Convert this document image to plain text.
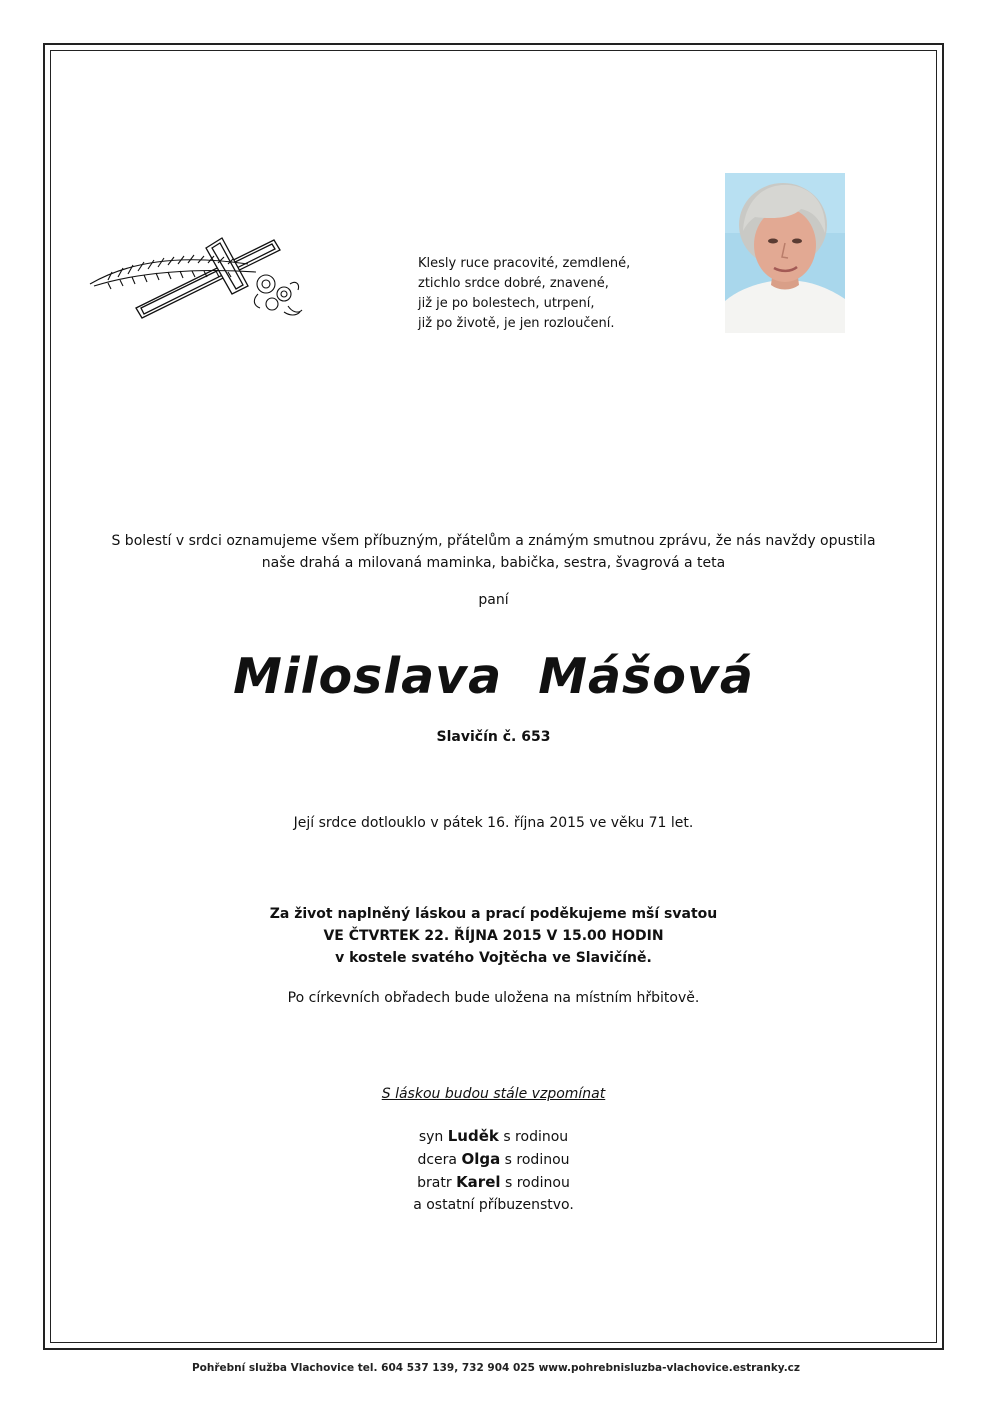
Klesly ruce pracovité, zemdlené,
ztichlo srdce dobré, znavené,
již je po bolestech, utrpení,
již po životě, je jen rozloučení.
S bolestí v srdci oznamujeme všem příbuzným, přátelům a známým smutnou zprávu, že nás navždy opustila
naše drahá a milovaná maminka, babička, sestra, švagrová a teta
paní
Miloslava Mášová
Slavičín č. 653
Její srdce dotlouklo v pátek 16. října 2015 ve věku 71 let.
Za život naplněný láskou a prací poděkujeme mší svatou
VE ČTVRTEK 22. ŘÍJNA 2015 V 15.00 HODIN
v kostele svatého Vojtěcha ve Slavičíně.
Po církevních obřadech bude uložena na místním hřbitově.
S láskou budou stále vzpomínat
syn Luděk s rodinou
dcera Olga s rodinou
bratr Karel s rodinou
a ostatní příbuzenstvo.
Pohřební služba Vlachovice tel. 604 537 139, 732 904 025 www.pohrebnisluzba-vlachovice.estranky.cz
